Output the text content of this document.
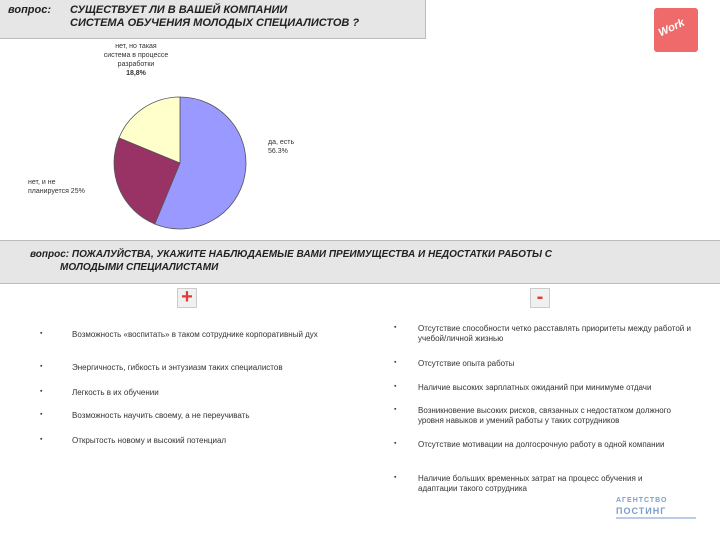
вопрос: СУЩЕСТВУЕТ ЛИ В ВАШЕЙ КОМПАНИИ
СИСТЕМА ОБУЧЕНИЯ МОЛОДЫХ СПЕЦИАЛИСТОВ ?	Work
нет, но такая
система в процессе
разработки
18,8%
да, есть
56.3%
нет, и не
планируется 25%
вопрос: ПОЖАЛУЙСТВА, УКАЖИТЕ НАБЛЮДАЕМЫЕ ВАМИ ПРЕИМУЩЕСТВА И НЕДОСТАТКИ РАБОТЫ С
МОЛОДЫМИ СПЕЦИАЛИСТАМИ
+	-
▪	Возможность «воспитать» в таком сотруднике корпоративный дух
▪	Энергичность, гибкость и энтузиазм таких специалистов
▪	Легкость в их обучении
▪	Возможность научить своему, а не переучивать
▪	Открытость новому и высокий потенциал
▪	Отсутствие способности четко расставлять приоритеты между работой и учебой/личной жизнью
▪	Отсутствие опыта работы
▪	Наличие высоких зарплатных ожиданий при минимуме отдачи
▪	Возникновение высоких рисков, связанных с недостатком должного уровня навыков и умений работы у таких сотрудников
▪	Отсутствие мотивации на долгосрочную работу в одной компании
▪	Наличие больших временных затрат на процесс обучения и адаптации такого сотрудника
АГЕНТСТВО
ПОСТИНГ
